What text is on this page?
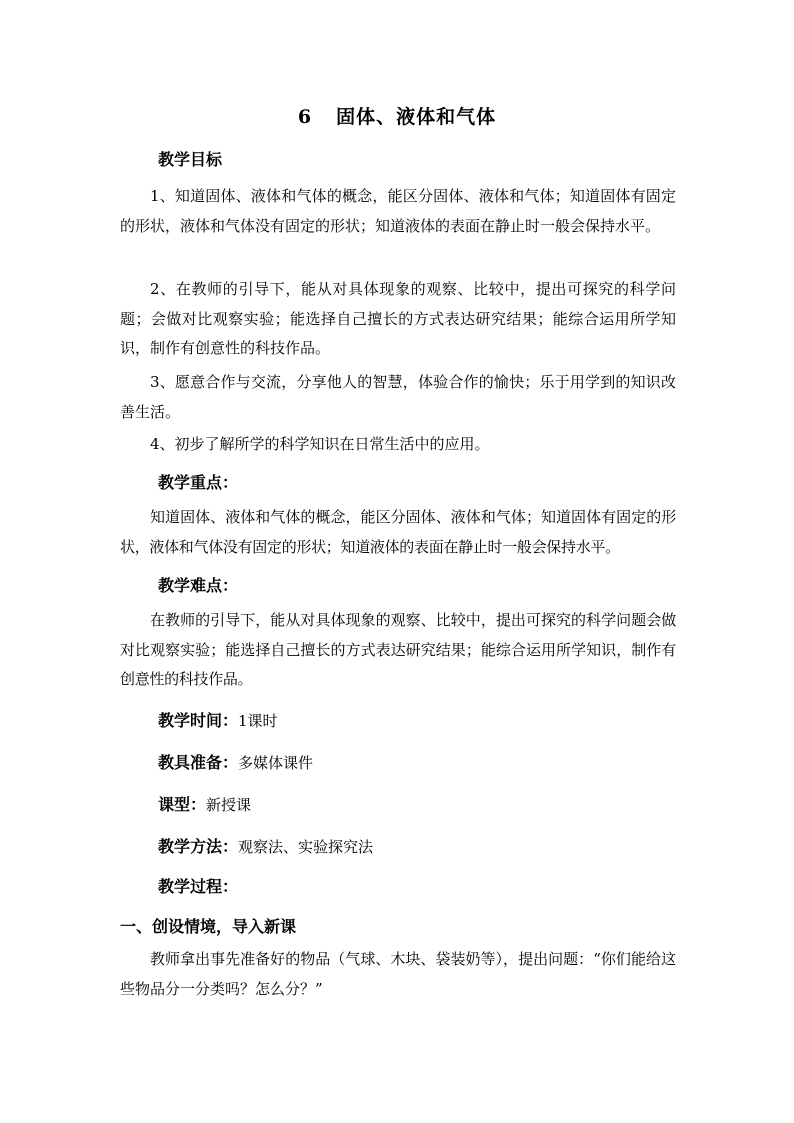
6 固体、液体和气体
教学目标
1、知道固体、液体和气体的概念，能区分固体、液体和气体；知道固体有固定的形状，液体和气体没有固定的形状；知道液体的表面在静止时一般会保持水平。
2、在教师的引导下，能从对具体现象的观察、比较中，提出可探究的科学问题；会做对比观察实验；能选择自己擅长的方式表达研究结果；能综合运用所学知识，制作有创意性的科技作品。
3、愿意合作与交流，分享他人的智慧，体验合作的愉快；乐于用学到的知识改善生活。
4、初步了解所学的科学知识在日常生活中的应用。
教学重点：
知道固体、液体和气体的概念，能区分固体、液体和气体；知道固体有固定的形状，液体和气体没有固定的形状；知道液体的表面在静止时一般会保持水平。
教学难点：
在教师的引导下，能从对具体现象的观察、比较中，提出可探究的科学问题会做对比观察实验；能选择自己擅长的方式表达研究结果；能综合运用所学知识，制作有创意性的科技作品。
教学时间：1课时
教具准备：多媒体课件
课型：新授课
教学方法：观察法、实验探究法
教学过程：
一、创设情境，导入新课
教师拿出事先准备好的物品（气球、木块、袋装奶等），提出问题：“你们能给这些物品分一分类吗？怎么分？”
